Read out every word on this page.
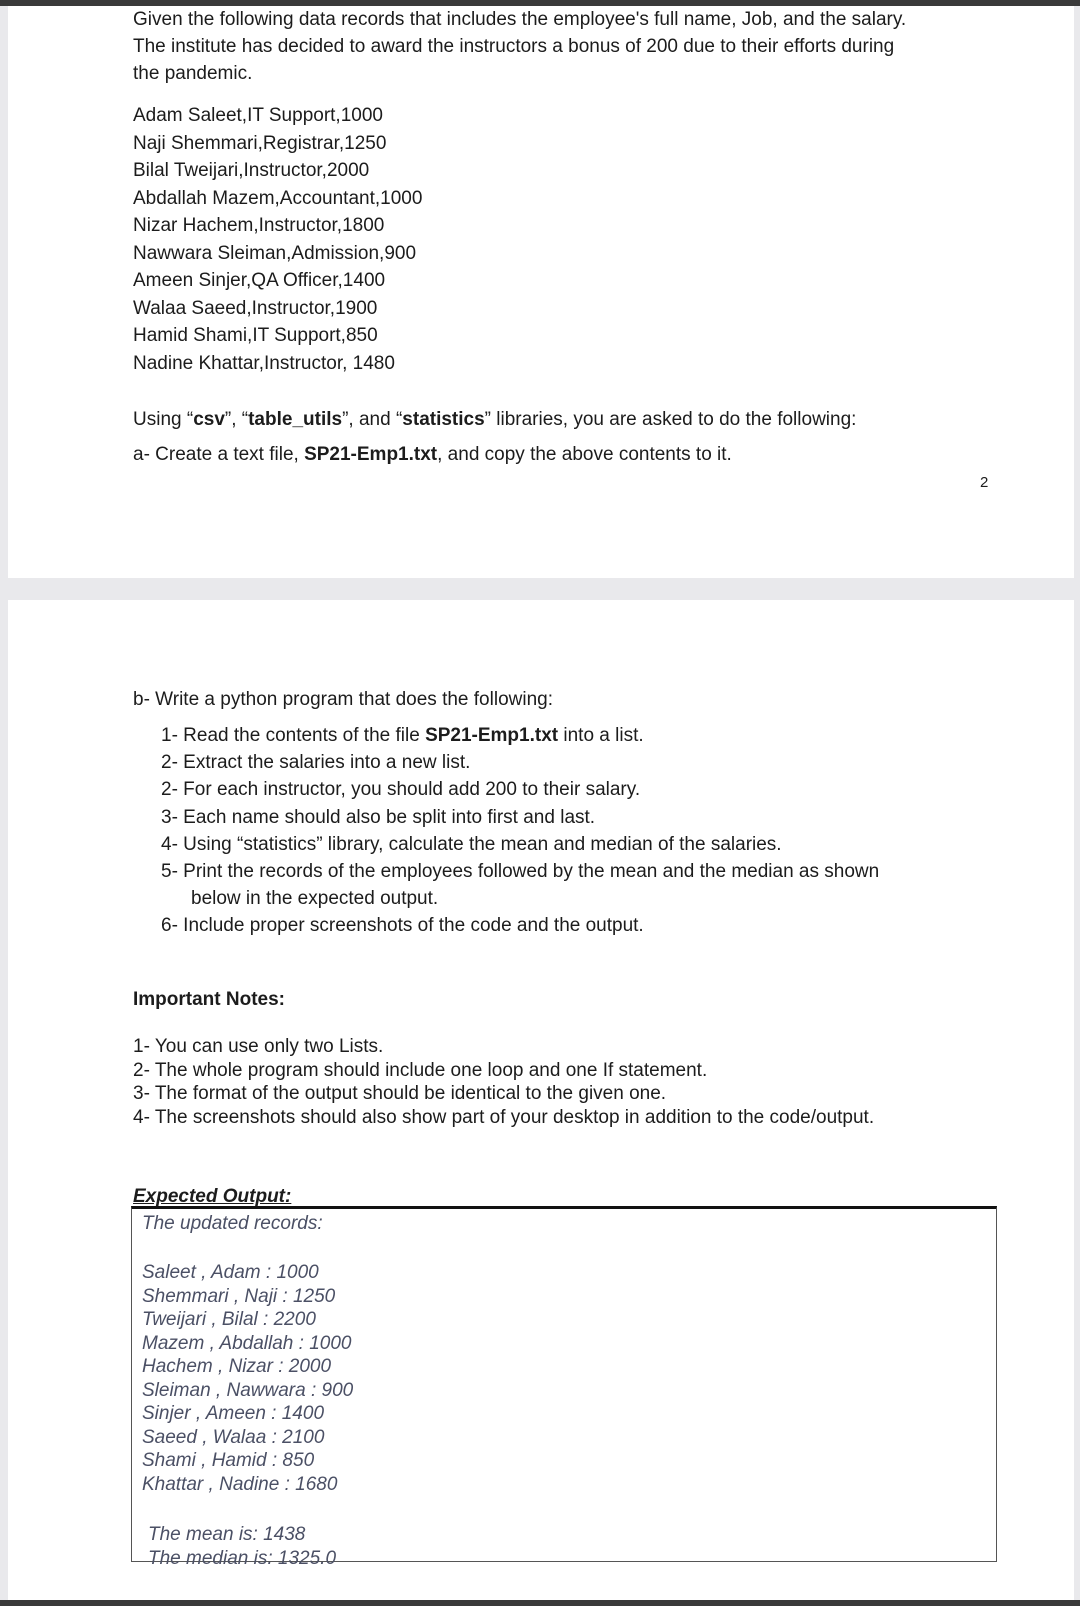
Given the following data records that includes the employee's full name, Job, and the salary.
The institute has decided to award the instructors a bonus of 200 due to their efforts during
the pandemic.
Adam Saleet,IT Support,1000
Naji Shemmari,Registrar,1250
Bilal Tweijari,Instructor,2000
Abdallah Mazem,Accountant,1000
Nizar Hachem,Instructor,1800
Nawwara Sleiman,Admission,900
Ameen Sinjer,QA Officer,1400
Walaa Saeed,Instructor,1900
Hamid Shami,IT Support,850
Nadine Khattar,Instructor, 1480
Using “csv”, “table_utils”, and “statistics” libraries, you are asked to do the following:
a- Create a text file, SP21-Emp1.txt, and copy the above contents to it.
2
b- Write a python program that does the following:
1- Read the contents of the file SP21-Emp1.txt into a list.
2- Extract the salaries into a new list.
2- For each instructor, you should add 200 to their salary.
3- Each name should also be split into first and last.
4- Using “statistics” library, calculate the mean and median of the salaries.
5- Print the records of the employees followed by the mean and the median as shown
below in the expected output.
6- Include proper screenshots of the code and the output.
Important Notes:
1- You can use only two Lists.
2- The whole program should include one loop and one If statement.
3- The format of the output should be identical to the given one.
4- The screenshots should also show part of your desktop in addition to the code/output.
Expected Output:
The updated records:
Saleet , Adam : 1000
Shemmari , Naji : 1250
Tweijari , Bilal : 2200
Mazem , Abdallah : 1000
Hachem , Nizar : 2000
Sleiman , Nawwara : 900
Sinjer , Ameen : 1400
Saeed , Walaa : 2100
Shami , Hamid : 850
Khattar , Nadine : 1680
The mean is: 1438
The median is: 1325.0
